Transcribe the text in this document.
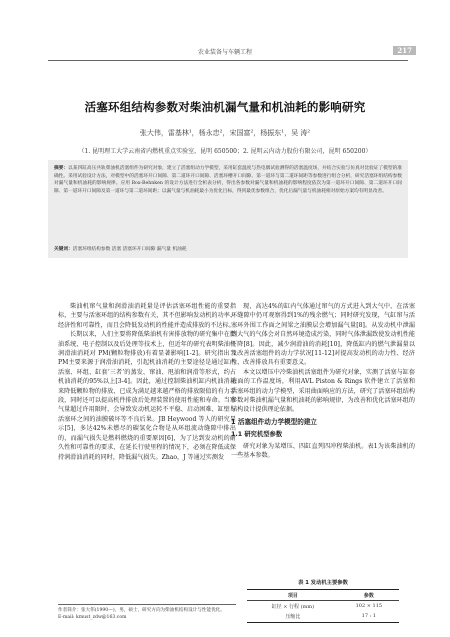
农业装备与车辆工程	217
活塞环组结构参数对柴油机漏气量和机油耗的影响研究
张大伟，雷基林¹，杨永忠²，宋国富²，杨振东¹，吴 涛²
（1. 昆明理工大学云南省内燃机重点实验室，昆明 650500；2. 昆明云内动力股份有限公司，昆明 650200）
摘要：以某四缸高压共轨柴油机活塞组件为研究对象，建立了活塞组动力学模型，采用缸套温度与热电偶试验测得的活塞温度场，并结合实验与仿真对比验证了模型的准确性。采用试验设计方法，对模型中的活塞环开口间隙、第二道环开口间隙、活塞环槽开口间隙、第一道环与第二道环间距等参数进行组合分析，研究活塞环组结构参数对漏气量和机油耗的影响规律。应用 Box-Behnken 的设计方法进行全析表分析，得出各参数对漏气量和机油耗的影响程度依次为第一道环开口间隙、第二道环开口间隙、第一道环开口间隙及第一道环与第二道环间距；以漏气量与机油耗最小为优化目标，得到最优参数组合，优化后漏气量与机油耗相对原始方案均有明显改善。
关键词：活塞环组结构参数 活塞 活塞环开口间隙 漏气量 机油耗

柴油机窜气量和润滑油消耗量是评估活塞环组性能的重要指标，主要与活塞环组的结构参数有关，其不但影响发动机的功率、经济性和可靠性，而且会降低发动机的性能并造成排放的不达标。

长期以来，人们主要将降低柴油机有害排放物的研究集中在燃油系统、电子控制以及后处理等技术上，但近年的研究表明柴油机润滑油消耗对 PM(颗粒物排放)有着显著影响[1-2]。研究指出当PM主要来源于润滑油消耗，引起机油消耗的主要途径是通过缸内活塞、环组、缸套‘三者’的蒸发、窜油、甩油和润滑等形式，约占机油消耗的95%以上[3-4]。因此，通过控制柴油机缸内机油消耗来降低颗粒物的排放，已成为满足越来越严格的排放限值的有力手段，同时还可以提高机件排放后处理装置的使用性能和寿命。当窜气量超过许用限时，会导致发动机运转不平稳、启动困难、缸壁与活塞环之间的油膜破坏等不良后果。JB Heywood 等人的研究显示[5]，多达42%未燃尽的碳氢化合物是从环组流动缝隙中排出的，而漏气损失是燃料燃烧的重要原因[6]，为了达到发动机的耐久性和可靠性的要求，在延长行驶里程的情况下，必须在降低或保持润滑油消耗的同时，降低漏气损失。Zhao，J 等通过实测发

现，高达4%的缸内气体通过窜气的方式进入到大气中，在活塞环缝隙中仍可观察得到1%的残余燃气；同时研究发现，气缸窜与活塞环外围工作面之间梁之油膜层会增加漏气量[8]。从发动机中泄漏到大气的气体会对自然环境造成污染，同时气体泄漏致使发动机性能下降[8]。因此，减少润滑油的消耗[10]，降低缸内的燃气泄漏量以及改善活塞组件的动力学状况[11-12]对提高发动机的动力性、经济性、改善排放具有重要意义。

本文以增压中冷柴油机活塞组件为研究对象，实测了活塞与缸套表面的工作温度场，利用AVL Piston & Rings 软件建立了活塞和活塞环组的动力学模型，采用曲面响应的方法，研究了活塞环组结构参数对柴油机漏气量和机油耗的影响规律，为改善和优化活塞环组的结构设计提供理论依据。

1 活塞组件动力学模型的建立
1.1 研究机型参数

研究对象为某增压、四缸直列四冲程柴油机。表1为该柴油机的一些基本参数。

作者简介：张大伟(1990—)，男，硕士，研究方向为柴油机结构设计与性能优化。
E-mail: kmust_zdw@163.com
表 1 发动机主要参数
项目	参数
缸径 × 行程 (mm)	102 × 115
压缩比	17 : 1
